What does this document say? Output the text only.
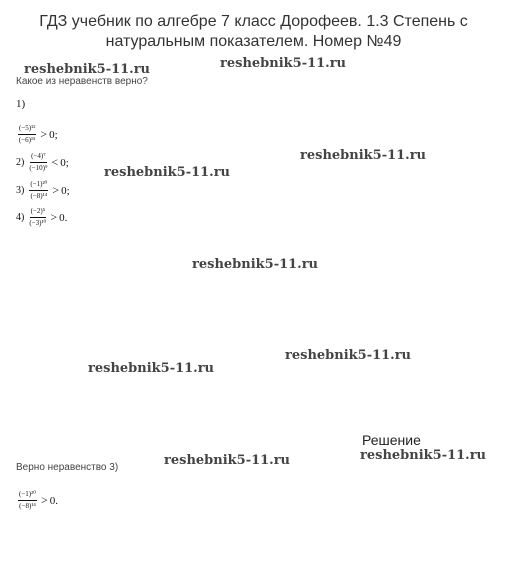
ГДЗ учебник по алгебре 7 класс Дорофеев. 1.3 Степень с
натуральным показателем. Номер №49
reshebnik5-11.ru	reshebnik5-11.ru
reshebnik5-11.ru
reshebnik5-11.ru
reshebnik5-11.ru
reshebnik5-11.ru
reshebnik5-11.ru
reshebnik5-11.ru	reshebnik5-11.ru
Какое из неравенств верно?
1)
$\frac{\text{(−5)¹²}}{\text{(−6)¹⁵}} > 0$;
$2) \frac{\text{(−4)⁷}}{\text{(−10)⁹}} < 0$;
$3) \frac{\text{(−1)²⁰}}{\text{(−8)¹⁴}} > 0$;
$4) \frac{\text{(−2)⁵}}{\text{(−3)¹⁰}} > 0$.
Решение
Верно неравенство 3)
$\frac{\text{(−1)²⁰}}{\text{(−8)¹⁴}} > 0$.
